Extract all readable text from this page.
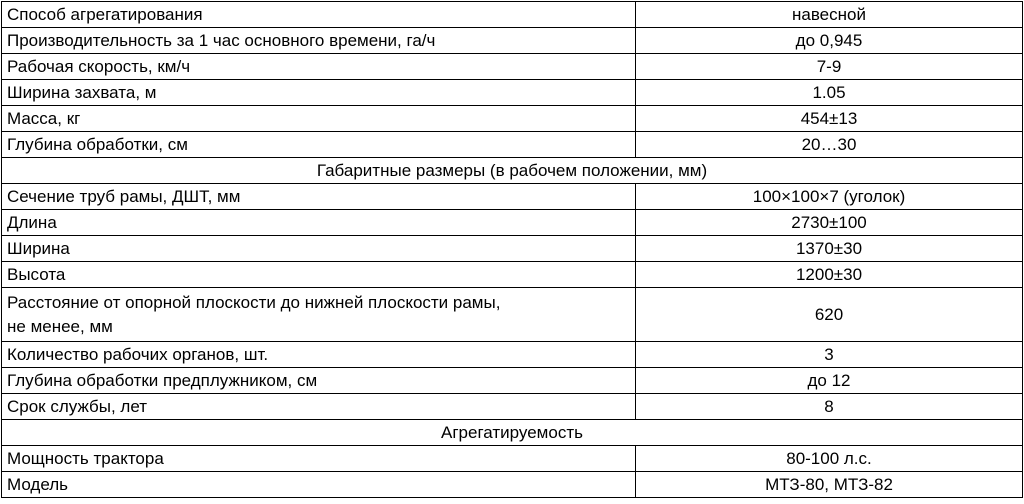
Способ агрегатирования	навесной
Производительность за 1 час основного времени, га/ч	до 0,945
Рабочая скорость, км/ч	7-9
Ширина захвата, м	1.05
Масса, кг	454±13
Глубина обработки, см	20…30
Габаритные размеры (в рабочем положении, мм)	
Сечение труб рамы, ДШТ, мм	100×100×7 (уголок)
Длина	2730±100
Ширина	1370±30
Высота	1200±30

Расстояние от опорной плоскости до нижней плоскости рамы,
не менее, мм	620
Количество рабочих органов, шт.	3
Глубина обработки предплужником, см	до 12
Срок службы, лет	8
Агрегатируемость	
Мощность трактора	80-100 л.с.
Модель	МТЗ-80, МТЗ-82
